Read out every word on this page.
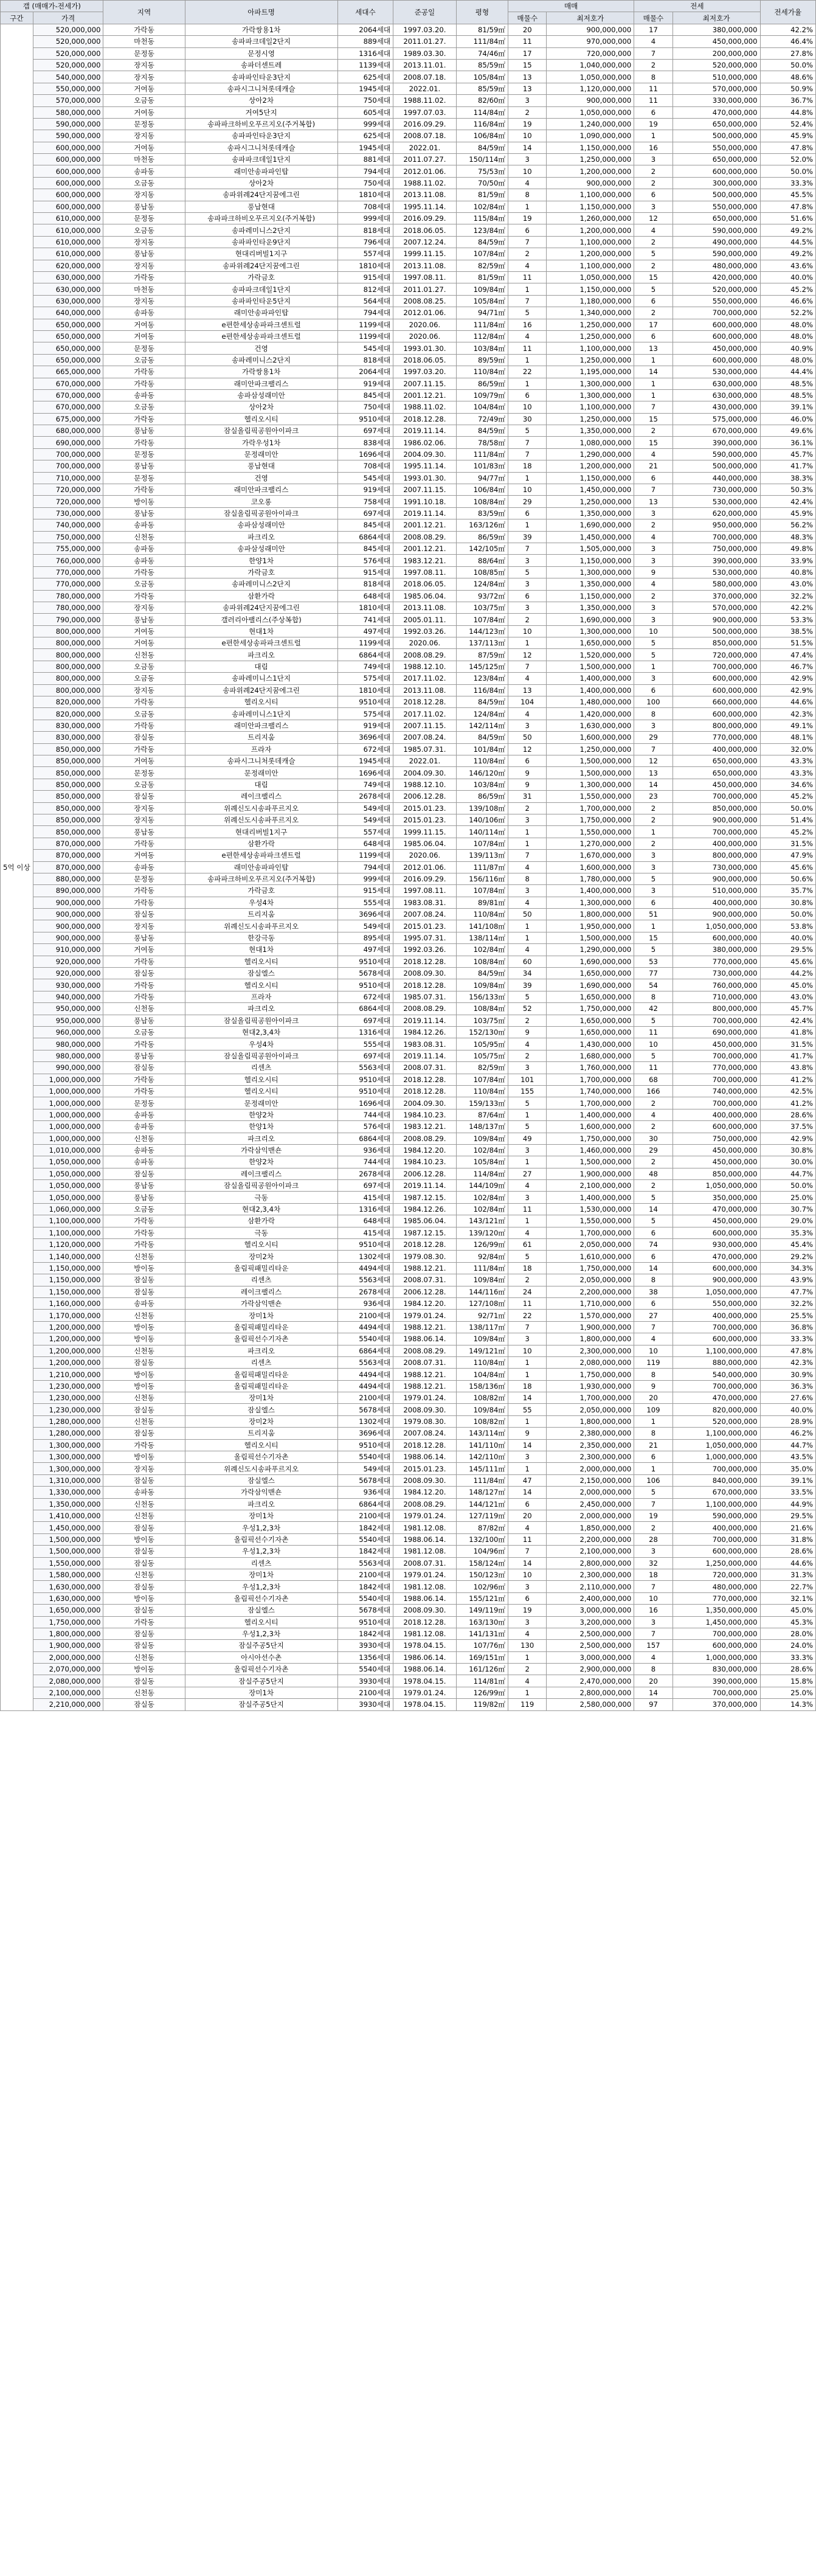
갭 (매매가-전세가)		지역	아파트명	세대수	준공일	평형	매매		전세		전세가율
구간	가격						매물수	최저호가	매물수	최저호가	
5억 이상	520,000,000	가락동	가락쌍용1차	2064세대	1997.03.20.	81/59㎡	20	900,000,000	17	380,000,000	42.2%
	520,000,000	마천동	송파파크데일2단지	889세대	2011.01.27.	111/84㎡	11	970,000,000	4	450,000,000	46.4%
	520,000,000	문정동	문정시영	1316세대	1989.03.30.	74/46㎡	17	720,000,000	7	200,000,000	27.8%
	520,000,000	장지동	송파더센트레	1139세대	2013.11.01.	85/59㎡	15	1,040,000,000	2	520,000,000	50.0%
	540,000,000	장지동	송파파인타운3단지	625세대	2008.07.18.	105/84㎡	13	1,050,000,000	8	510,000,000	48.6%
	550,000,000	거여동	송파시그니처롯데캐슬	1945세대	2022.01.	85/59㎡	13	1,120,000,000	11	570,000,000	50.9%
	570,000,000	오금동	상아2차	750세대	1988.11.02.	82/60㎡	3	900,000,000	11	330,000,000	36.7%
	580,000,000	거여동	거여5단지	605세대	1997.07.03.	114/84㎡	2	1,050,000,000	6	470,000,000	44.8%
	590,000,000	문정동	송파파크하비오푸르지오(주거복합)	999세대	2016.09.29.	116/84㎡	19	1,240,000,000	19	650,000,000	52.4%
	590,000,000	장지동	송파파인타운3단지	625세대	2008.07.18.	106/84㎡	10	1,090,000,000	1	500,000,000	45.9%
	600,000,000	거여동	송파시그니처롯데캐슬	1945세대	2022.01.	84/59㎡	14	1,150,000,000	16	550,000,000	47.8%
	600,000,000	마천동	송파파크데일1단지	881세대	2011.07.27.	150/114㎡	3	1,250,000,000	3	650,000,000	52.0%
	600,000,000	송파동	래미안송파파인탑	794세대	2012.01.06.	75/53㎡	10	1,200,000,000	2	600,000,000	50.0%
	600,000,000	오금동	상아2차	750세대	1988.11.02.	70/50㎡	4	900,000,000	2	300,000,000	33.3%
	600,000,000	장지동	송파위례24단지꿈에그린	1810세대	2013.11.08.	81/59㎡	8	1,100,000,000	6	500,000,000	45.5%
	600,000,000	풍납동	풍납현대	708세대	1995.11.14.	102/84㎡	1	1,150,000,000	3	550,000,000	47.8%
	610,000,000	문정동	송파파크하비오푸르지오(주거복합)	999세대	2016.09.29.	115/84㎡	19	1,260,000,000	12	650,000,000	51.6%
	610,000,000	오금동	송파레미니스2단지	818세대	2018.06.05.	123/84㎡	6	1,200,000,000	4	590,000,000	49.2%
	610,000,000	장지동	송파파인타운9단지	796세대	2007.12.24.	84/59㎡	7	1,100,000,000	2	490,000,000	44.5%
	610,000,000	풍납동	현대리버빌1지구	557세대	1999.11.15.	107/84㎡	2	1,200,000,000	5	590,000,000	49.2%
	620,000,000	장지동	송파위례24단지꿈에그린	1810세대	2013.11.08.	82/59㎡	4	1,100,000,000	2	480,000,000	43.6%
	630,000,000	가락동	가락금호	915세대	1997.08.11.	81/59㎡	11	1,050,000,000	15	420,000,000	40.0%
	630,000,000	마천동	송파파크데일1단지	812세대	2011.01.27.	109/84㎡	1	1,150,000,000	5	520,000,000	45.2%
	630,000,000	장지동	송파파인타운5단지	564세대	2008.08.25.	105/84㎡	7	1,180,000,000	6	550,000,000	46.6%
	640,000,000	송파동	래미안송파파인탑	794세대	2012.01.06.	94/71㎡	5	1,340,000,000	2	700,000,000	52.2%
	650,000,000	거여동	e편한세상송파파크센트럴	1199세대	2020.06.	111/84㎡	16	1,250,000,000	17	600,000,000	48.0%
	650,000,000	거여동	e편한세상송파파크센트럴	1199세대	2020.06.	112/84㎡	4	1,250,000,000	6	600,000,000	48.0%
	650,000,000	문정동	건영	545세대	1993.01.30.	103/84㎡	11	1,100,000,000	13	450,000,000	40.9%
	650,000,000	오금동	송파레미니스2단지	818세대	2018.06.05.	89/59㎡	1	1,250,000,000	1	600,000,000	48.0%
	665,000,000	가락동	가락쌍용1차	2064세대	1997.03.20.	110/84㎡	22	1,195,000,000	14	530,000,000	44.4%
	670,000,000	가락동	래미안파크팰리스	919세대	2007.11.15.	86/59㎡	1	1,300,000,000	1	630,000,000	48.5%
	670,000,000	송파동	송파삼성래미안	845세대	2001.12.21.	109/79㎡	6	1,300,000,000	1	630,000,000	48.5%
	670,000,000	오금동	상아2차	750세대	1988.11.02.	104/84㎡	10	1,100,000,000	7	430,000,000	39.1%
	675,000,000	가락동	헬리오시티	9510세대	2018.12.28.	72/49㎡	30	1,250,000,000	15	575,000,000	46.0%
	680,000,000	풍납동	잠실올림픽공원아이파크	697세대	2019.11.14.	84/59㎡	5	1,350,000,000	2	670,000,000	49.6%
	690,000,000	가락동	가락우성1차	838세대	1986.02.06.	78/58㎡	7	1,080,000,000	15	390,000,000	36.1%
	700,000,000	문정동	문정래미안	1696세대	2004.09.30.	111/84㎡	7	1,290,000,000	4	590,000,000	45.7%
	700,000,000	풍납동	풍납현대	708세대	1995.11.14.	101/83㎡	18	1,200,000,000	21	500,000,000	41.7%
	710,000,000	문정동	건영	545세대	1993.01.30.	94/77㎡	1	1,150,000,000	6	440,000,000	38.3%
	720,000,000	가락동	래미안파크팰리스	919세대	2007.11.15.	106/84㎡	10	1,450,000,000	7	730,000,000	50.3%
	720,000,000	방이동	코오롱	758세대	1991.10.18.	108/84㎡	29	1,250,000,000	13	530,000,000	42.4%
	730,000,000	풍납동	잠실올림픽공원아이파크	697세대	2019.11.14.	83/59㎡	6	1,350,000,000	3	620,000,000	45.9%
	740,000,000	송파동	송파삼성래미안	845세대	2001.12.21.	163/126㎡	1	1,690,000,000	2	950,000,000	56.2%
	750,000,000	신천동	파크리오	6864세대	2008.08.29.	86/59㎡	39	1,450,000,000	4	700,000,000	48.3%
	755,000,000	송파동	송파삼성래미안	845세대	2001.12.21.	142/105㎡	7	1,505,000,000	3	750,000,000	49.8%
	760,000,000	송파동	한양1차	576세대	1983.12.21.	88/64㎡	3	1,150,000,000	3	390,000,000	33.9%
	770,000,000	가락동	가락금호	915세대	1997.08.11.	108/85㎡	5	1,300,000,000	9	530,000,000	40.8%
	770,000,000	오금동	송파레미니스2단지	818세대	2018.06.05.	124/84㎡	3	1,350,000,000	4	580,000,000	43.0%
	780,000,000	가락동	삼환가락	648세대	1985.06.04.	93/72㎡	6	1,150,000,000	2	370,000,000	32.2%
	780,000,000	장지동	송파위례24단지꿈에그린	1810세대	2013.11.08.	103/75㎡	3	1,350,000,000	3	570,000,000	42.2%
	790,000,000	풍납동	갤러리아팰리스(주상복합)	741세대	2005.01.11.	107/84㎡	2	1,690,000,000	3	900,000,000	53.3%
	800,000,000	거여동	현대1차	497세대	1992.03.26.	144/123㎡	10	1,300,000,000	10	500,000,000	38.5%
	800,000,000	거여동	e편한세상송파파크센트럴	1199세대	2020.06.	137/113㎡	1	1,650,000,000	5	850,000,000	51.5%
	800,000,000	신천동	파크리오	6864세대	2008.08.29.	87/59㎡	12	1,520,000,000	5	720,000,000	47.4%
	800,000,000	오금동	대림	749세대	1988.12.10.	145/125㎡	7	1,500,000,000	1	700,000,000	46.7%
	800,000,000	오금동	송파레미니스1단지	575세대	2017.11.02.	123/84㎡	4	1,400,000,000	3	600,000,000	42.9%
	800,000,000	장지동	송파위례24단지꿈에그린	1810세대	2013.11.08.	116/84㎡	13	1,400,000,000	6	600,000,000	42.9%
	820,000,000	가락동	헬리오시티	9510세대	2018.12.28.	84/59㎡	104	1,480,000,000	100	660,000,000	44.6%
	820,000,000	오금동	송파레미니스1단지	575세대	2017.11.02.	124/84㎡	4	1,420,000,000	8	600,000,000	42.3%
	830,000,000	가락동	래미안파크팰리스	919세대	2007.11.15.	142/114㎡	3	1,630,000,000	3	800,000,000	49.1%
	830,000,000	잠실동	트리지움	3696세대	2007.08.24.	84/59㎡	50	1,600,000,000	29	770,000,000	48.1%
	850,000,000	가락동	프라자	672세대	1985.07.31.	101/84㎡	12	1,250,000,000	7	400,000,000	32.0%
	850,000,000	거여동	송파시그니처롯데캐슬	1945세대	2022.01.	110/84㎡	6	1,500,000,000	12	650,000,000	43.3%
	850,000,000	문정동	문정래미안	1696세대	2004.09.30.	146/120㎡	9	1,500,000,000	13	650,000,000	43.3%
	850,000,000	오금동	대림	749세대	1988.12.10.	103/84㎡	9	1,300,000,000	14	450,000,000	34.6%
	850,000,000	잠실동	레이크팰리스	2678세대	2006.12.28.	86/59㎡	31	1,550,000,000	23	700,000,000	45.2%
	850,000,000	장지동	위례신도시송파푸르지오	549세대	2015.01.23.	139/108㎡	2	1,700,000,000	2	850,000,000	50.0%
	850,000,000	장지동	위례신도시송파푸르지오	549세대	2015.01.23.	140/106㎡	3	1,750,000,000	2	900,000,000	51.4%
	850,000,000	풍납동	현대리버빌1지구	557세대	1999.11.15.	140/114㎡	1	1,550,000,000	1	700,000,000	45.2%
	870,000,000	가락동	삼환가락	648세대	1985.06.04.	107/84㎡	1	1,270,000,000	2	400,000,000	31.5%
	870,000,000	거여동	e편한세상송파파크센트럴	1199세대	2020.06.	139/113㎡	7	1,670,000,000	3	800,000,000	47.9%
	870,000,000	송파동	래미안송파파인탑	794세대	2012.01.06.	111/87㎡	4	1,600,000,000	3	730,000,000	45.6%
	880,000,000	문정동	송파파크하비오푸르지오(주거복합)	999세대	2016.09.29.	156/116㎡	8	1,780,000,000	5	900,000,000	50.6%
	890,000,000	가락동	가락금호	915세대	1997.08.11.	107/84㎡	3	1,400,000,000	3	510,000,000	35.7%
	900,000,000	가락동	우성4차	555세대	1983.08.31.	89/81㎡	4	1,300,000,000	6	400,000,000	30.8%
	900,000,000	잠실동	트리지움	3696세대	2007.08.24.	110/84㎡	50	1,800,000,000	51	900,000,000	50.0%
	900,000,000	장지동	위례신도시송파푸르지오	549세대	2015.01.23.	141/108㎡	1	1,950,000,000	1	1,050,000,000	53.8%
	900,000,000	풍납동	한강극동	895세대	1995.07.31.	138/114㎡	1	1,500,000,000	15	600,000,000	40.0%
	910,000,000	거여동	현대1차	497세대	1992.03.26.	102/84㎡	4	1,290,000,000	5	380,000,000	29.5%
	920,000,000	가락동	헬리오시티	9510세대	2018.12.28.	108/84㎡	60	1,690,000,000	53	770,000,000	45.6%
	920,000,000	잠실동	잠실엘스	5678세대	2008.09.30.	84/59㎡	34	1,650,000,000	77	730,000,000	44.2%
	930,000,000	가락동	헬리오시티	9510세대	2018.12.28.	109/84㎡	39	1,690,000,000	54	760,000,000	45.0%
	940,000,000	가락동	프라자	672세대	1985.07.31.	156/133㎡	5	1,650,000,000	8	710,000,000	43.0%
	950,000,000	신천동	파크리오	6864세대	2008.08.29.	108/84㎡	52	1,750,000,000	42	800,000,000	45.7%
	950,000,000	풍납동	잠실올림픽공원아이파크	697세대	2019.11.14.	103/75㎡	2	1,650,000,000	5	700,000,000	42.4%
	960,000,000	오금동	현대2,3,4차	1316세대	1984.12.26.	152/130㎡	9	1,650,000,000	11	690,000,000	41.8%
	980,000,000	가락동	우성4차	555세대	1983.08.31.	105/95㎡	4	1,430,000,000	10	450,000,000	31.5%
	980,000,000	풍납동	잠실올림픽공원아이파크	697세대	2019.11.14.	105/75㎡	2	1,680,000,000	5	700,000,000	41.7%
	990,000,000	잠실동	리센츠	5563세대	2008.07.31.	82/59㎡	3	1,760,000,000	11	770,000,000	43.8%
	1,000,000,000	가락동	헬리오시티	9510세대	2018.12.28.	107/84㎡	101	1,700,000,000	68	700,000,000	41.2%
	1,000,000,000	가락동	헬리오시티	9510세대	2018.12.28.	110/84㎡	155	1,740,000,000	166	740,000,000	42.5%
	1,000,000,000	문정동	문정래미안	1696세대	2004.09.30.	159/133㎡	5	1,700,000,000	2	700,000,000	41.2%
	1,000,000,000	송파동	한양2차	744세대	1984.10.23.	87/64㎡	1	1,400,000,000	4	400,000,000	28.6%
	1,000,000,000	송파동	한양1차	576세대	1983.12.21.	148/137㎡	5	1,600,000,000	2	600,000,000	37.5%
	1,000,000,000	신천동	파크리오	6864세대	2008.08.29.	109/84㎡	49	1,750,000,000	30	750,000,000	42.9%
	1,010,000,000	송파동	가락삼익맨숀	936세대	1984.12.20.	102/84㎡	3	1,460,000,000	29	450,000,000	30.8%
	1,050,000,000	송파동	한양2차	744세대	1984.10.23.	105/84㎡	1	1,500,000,000	2	450,000,000	30.0%
	1,050,000,000	잠실동	레이크팰리스	2678세대	2006.12.28.	114/84㎡	27	1,900,000,000	48	850,000,000	44.7%
	1,050,000,000	풍납동	잠실올림픽공원아이파크	697세대	2019.11.14.	144/109㎡	4	2,100,000,000	2	1,050,000,000	50.0%
	1,050,000,000	풍납동	극동	415세대	1987.12.15.	102/84㎡	3	1,400,000,000	5	350,000,000	25.0%
	1,060,000,000	오금동	현대2,3,4차	1316세대	1984.12.26.	102/84㎡	11	1,530,000,000	14	470,000,000	30.7%
	1,100,000,000	가락동	삼환가락	648세대	1985.06.04.	143/121㎡	1	1,550,000,000	5	450,000,000	29.0%
	1,100,000,000	가락동	극동	415세대	1987.12.15.	139/120㎡	4	1,700,000,000	6	600,000,000	35.3%
	1,120,000,000	가락동	헬리오시티	9510세대	2018.12.28.	126/99㎡	61	2,050,000,000	74	930,000,000	45.4%
	1,140,000,000	신천동	장미2차	1302세대	1979.08.30.	92/84㎡	5	1,610,000,000	6	470,000,000	29.2%
	1,150,000,000	방이동	올림픽패밀리타운	4494세대	1988.12.21.	111/84㎡	18	1,750,000,000	14	600,000,000	34.3%
	1,150,000,000	잠실동	리센츠	5563세대	2008.07.31.	109/84㎡	2	2,050,000,000	8	900,000,000	43.9%
	1,150,000,000	잠실동	레이크팰리스	2678세대	2006.12.28.	144/116㎡	24	2,200,000,000	38	1,050,000,000	47.7%
	1,160,000,000	송파동	가락삼익맨숀	936세대	1984.12.20.	127/108㎡	11	1,710,000,000	6	550,000,000	32.2%
	1,170,000,000	신천동	장미1차	2100세대	1979.01.24.	92/71㎡	22	1,570,000,000	27	400,000,000	25.5%
	1,200,000,000	방이동	올림픽패밀리타운	4494세대	1988.12.21.	138/117㎡	7	1,900,000,000	7	700,000,000	36.8%
	1,200,000,000	방이동	올림픽선수기자촌	5540세대	1988.06.14.	109/84㎡	3	1,800,000,000	4	600,000,000	33.3%
	1,200,000,000	신천동	파크리오	6864세대	2008.08.29.	149/121㎡	10	2,300,000,000	10	1,100,000,000	47.8%
	1,200,000,000	잠실동	리센츠	5563세대	2008.07.31.	110/84㎡	1	2,080,000,000	119	880,000,000	42.3%
	1,210,000,000	방이동	올림픽패밀리타운	4494세대	1988.12.21.	104/84㎡	1	1,750,000,000	8	540,000,000	30.9%
	1,230,000,000	방이동	올림픽패밀리타운	4494세대	1988.12.21.	158/136㎡	18	1,930,000,000	9	700,000,000	36.3%
	1,230,000,000	신천동	장미1차	2100세대	1979.01.24.	108/82㎡	14	1,700,000,000	20	470,000,000	27.6%
	1,230,000,000	잠실동	잠실엘스	5678세대	2008.09.30.	109/84㎡	55	2,050,000,000	109	820,000,000	40.0%
	1,280,000,000	신천동	장미2차	1302세대	1979.08.30.	108/82㎡	1	1,800,000,000	1	520,000,000	28.9%
	1,280,000,000	잠실동	트리지움	3696세대	2007.08.24.	143/114㎡	9	2,380,000,000	8	1,100,000,000	46.2%
	1,300,000,000	가락동	헬리오시티	9510세대	2018.12.28.	141/110㎡	14	2,350,000,000	21	1,050,000,000	44.7%
	1,300,000,000	방이동	올림픽선수기자촌	5540세대	1988.06.14.	142/110㎡	3	2,300,000,000	6	1,000,000,000	43.5%
	1,300,000,000	장지동	위례신도시송파푸르지오	549세대	2015.01.23.	145/111㎡	1	2,000,000,000	1	700,000,000	35.0%
	1,310,000,000	잠실동	잠실엘스	5678세대	2008.09.30.	111/84㎡	47	2,150,000,000	106	840,000,000	39.1%
	1,330,000,000	송파동	가락삼익맨숀	936세대	1984.12.20.	148/127㎡	14	2,000,000,000	5	670,000,000	33.5%
	1,350,000,000	신천동	파크리오	6864세대	2008.08.29.	144/121㎡	6	2,450,000,000	7	1,100,000,000	44.9%
	1,410,000,000	신천동	장미1차	2100세대	1979.01.24.	127/119㎡	20	2,000,000,000	19	590,000,000	29.5%
	1,450,000,000	잠실동	우성1,2,3차	1842세대	1981.12.08.	87/82㎡	4	1,850,000,000	2	400,000,000	21.6%
	1,500,000,000	방이동	올림픽선수기자촌	5540세대	1988.06.14.	132/100㎡	11	2,200,000,000	28	700,000,000	31.8%
	1,500,000,000	잠실동	우성1,2,3차	1842세대	1981.12.08.	104/96㎡	7	2,100,000,000	3	600,000,000	28.6%
	1,550,000,000	잠실동	리센츠	5563세대	2008.07.31.	158/124㎡	14	2,800,000,000	32	1,250,000,000	44.6%
	1,580,000,000	신천동	장미1차	2100세대	1979.01.24.	150/123㎡	10	2,300,000,000	18	720,000,000	31.3%
	1,630,000,000	잠실동	우성1,2,3차	1842세대	1981.12.08.	102/96㎡	3	2,110,000,000	7	480,000,000	22.7%
	1,630,000,000	방이동	올림픽선수기자촌	5540세대	1988.06.14.	155/121㎡	6	2,400,000,000	10	770,000,000	32.1%
	1,650,000,000	잠실동	잠실엘스	5678세대	2008.09.30.	149/119㎡	19	3,000,000,000	16	1,350,000,000	45.0%
	1,750,000,000	가락동	헬리오시티	9510세대	2018.12.28.	163/130㎡	3	3,200,000,000	3	1,450,000,000	45.3%
	1,800,000,000	잠실동	우성1,2,3차	1842세대	1981.12.08.	141/131㎡	4	2,500,000,000	7	700,000,000	28.0%
	1,900,000,000	잠실동	잠실주공5단지	3930세대	1978.04.15.	107/76㎡	130	2,500,000,000	157	600,000,000	24.0%
	2,000,000,000	신천동	아시아선수촌	1356세대	1986.06.14.	169/151㎡	1	3,000,000,000	4	1,000,000,000	33.3%
	2,070,000,000	방이동	올림픽선수기자촌	5540세대	1988.06.14.	161/126㎡	2	2,900,000,000	8	830,000,000	28.6%
	2,080,000,000	잠실동	잠실주공5단지	3930세대	1978.04.15.	114/81㎡	4	2,470,000,000	20	390,000,000	15.8%
	2,100,000,000	신천동	장미1차	2100세대	1979.01.24.	126/99㎡	1	2,800,000,000	14	700,000,000	25.0%
	2,210,000,000	잠실동	잠실주공5단지	3930세대	1978.04.15.	119/82㎡	119	2,580,000,000	97	370,000,000	14.3%
